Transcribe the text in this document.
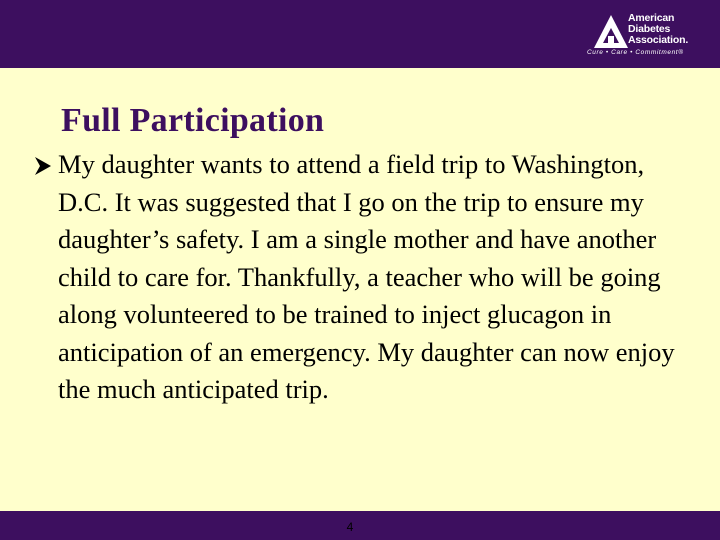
American
Diabetes
Association.
Cure • Care • Commitment®
Full Participation

My daughter wants to attend a field trip to Washington, D.C. It was suggested that I go on the trip to ensure my daughter’s safety. I am a single mother and have another child to care for. Thankfully, a teacher who will be going along volunteered to be trained to inject glucagon in anticipation of an emergency. My daughter can now enjoy the much anticipated trip.

4
